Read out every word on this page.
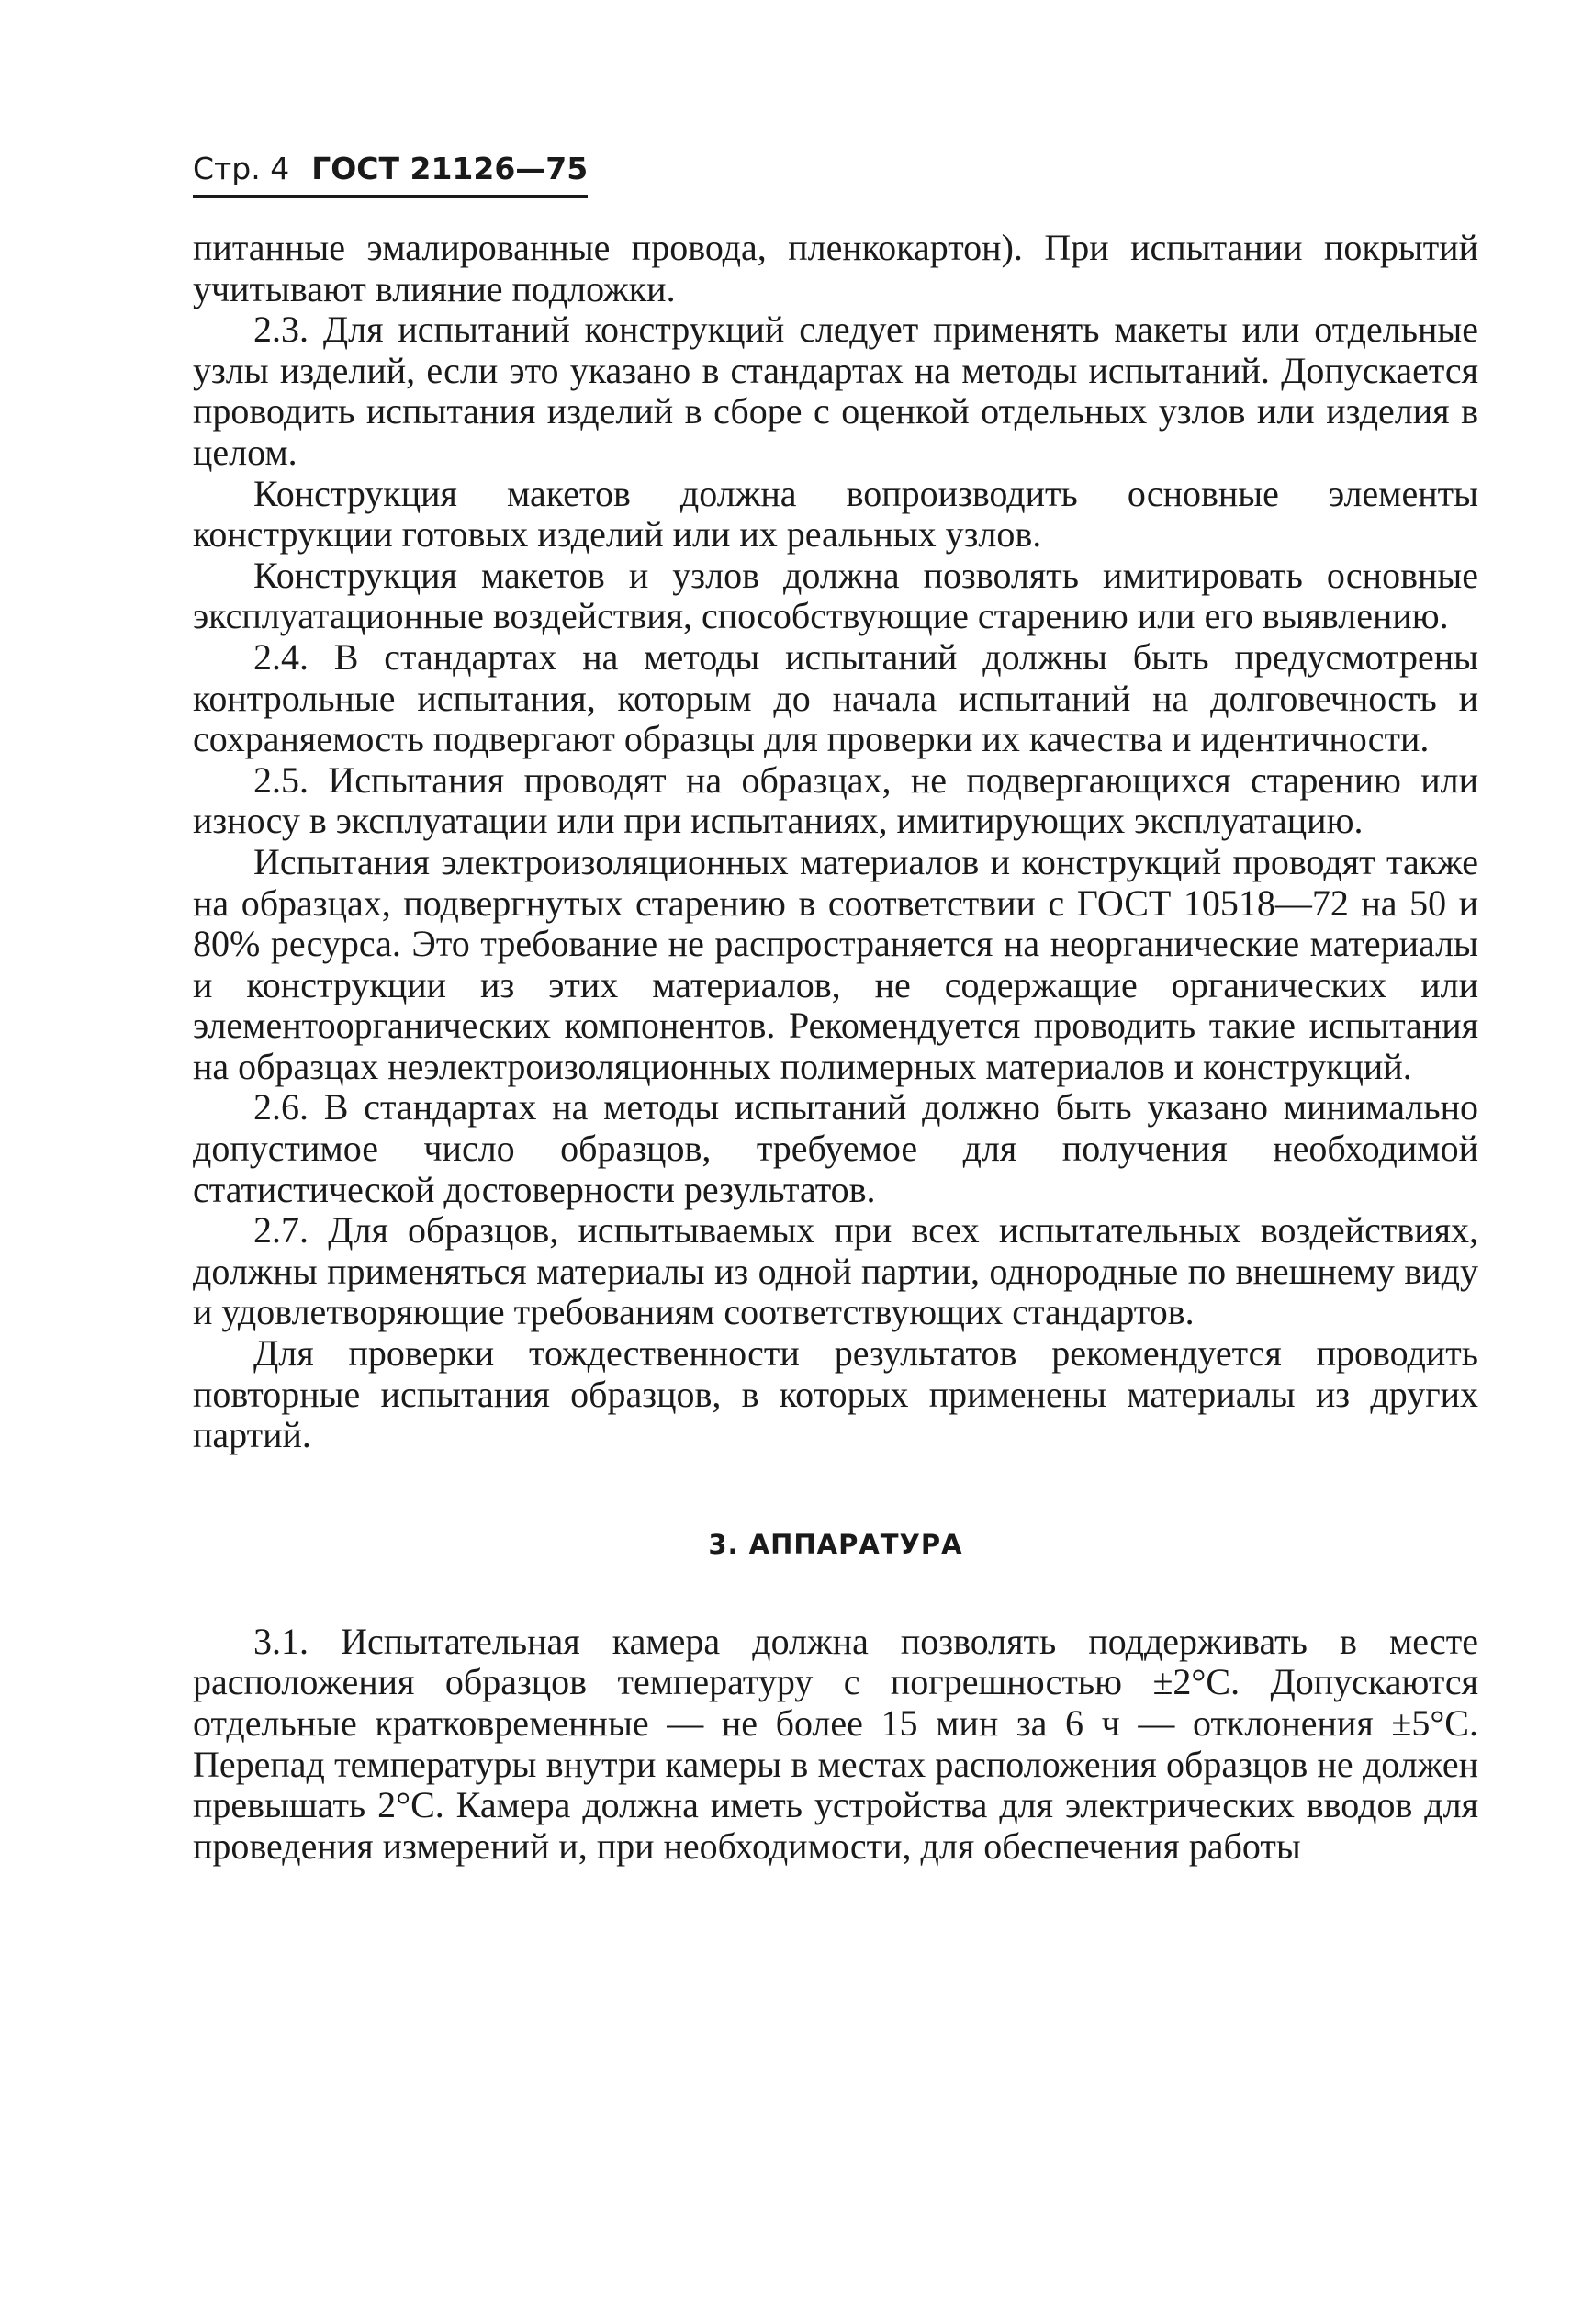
Стр. 4 ГОСТ 21126—75

питанные эмалированные провода, пленкокартон). При испытании покрытий учитывают влияние подложки.

2.3. Для испытаний конструкций следует применять макеты или отдельные узлы изделий, если это указано в стандартах на методы испытаний. Допускается проводить испытания изделий в сборе с оценкой отдельных узлов или изделия в целом.

Конструкция макетов должна вопроизводить основные элементы конструкции готовых изделий или их реальных узлов.

Конструкция макетов и узлов должна позволять имитировать основные эксплуатационные воздействия, способствующие старению или его выявлению.

2.4. В стандартах на методы испытаний должны быть предусмотрены контрольные испытания, которым до начала испытаний на долговечность и сохраняемость подвергают образцы для проверки их качества и идентичности.

2.5. Испытания проводят на образцах, не подвергающихся старению или износу в эксплуатации или при испытаниях, имитирующих эксплуатацию.

Испытания электроизоляционных материалов и конструкций проводят также на образцах, подвергнутых старению в соответствии с ГОСТ 10518—72 на 50 и 80% ресурса. Это требование не распространяется на неорганические материалы и конструкции из этих материалов, не содержащие органических или элементоорганических компонентов. Рекомендуется проводить такие испытания на образцах неэлектроизоляционных полимерных материалов и конструкций.

2.6. В стандартах на методы испытаний должно быть указано минимально допустимое число образцов, требуемое для получения необходимой статистической достоверности результатов.

2.7. Для образцов, испытываемых при всех испытательных воздействиях, должны применяться материалы из одной партии, однородные по внешнему виду и удовлетворяющие требованиям соответствующих стандартов.

Для проверки тождественности результатов рекомендуется проводить повторные испытания образцов, в которых применены материалы из других партий.

3. АППАРАТУРА

3.1. Испытательная камера должна позволять поддерживать в месте расположения образцов температуру с погрешностью ±2°С. Допускаются отдельные кратковременные — не более 15 мин за 6 ч — отклонения ±5°С. Перепад температуры внутри камеры в местах расположения образцов не должен превышать 2°С. Камера должна иметь устройства для электрических вводов для проведения измерений и, при необходимости, для обеспечения работы
